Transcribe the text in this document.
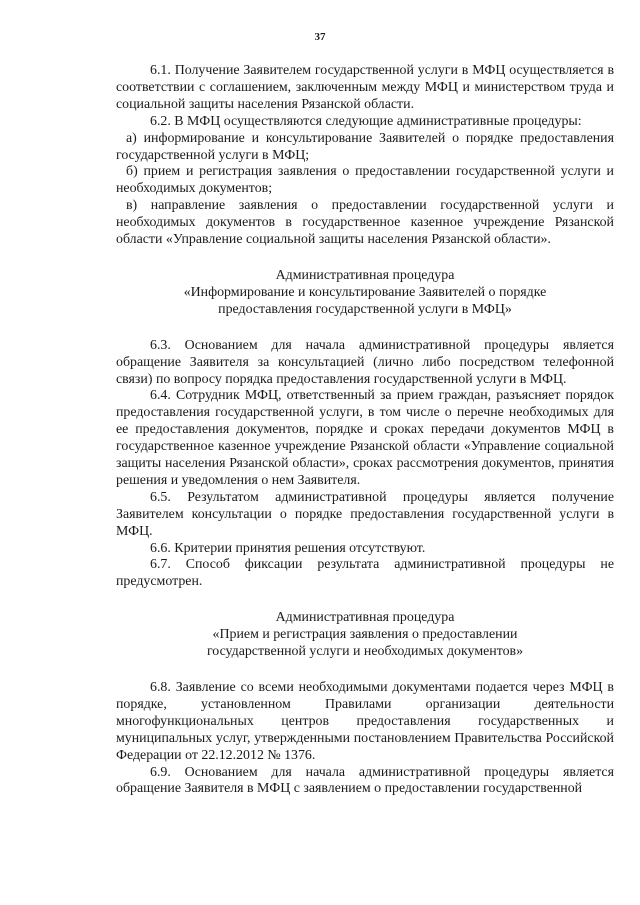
37

6.1. Получение Заявителем государственной услуги в МФЦ осуществляется в соответствии с соглашением, заключенным между МФЦ и министерством труда и социальной защиты населения Рязанской области.

6.2. В МФЦ осуществляются следующие административные процедуры:

а) информирование и консультирование Заявителей о порядке предоставления государственной услуги в МФЦ;

б) прием и регистрация заявления о предоставлении государственной услуги и необходимых документов;

в) направление заявления о предоставлении государственной услуги и необходимых документов в государственное казенное учреждение Рязанской области «Управление социальной защиты населения Рязанской области».

Административная процедура

«Информирование и консультирование Заявителей о порядке

предоставления государственной услуги в МФЦ»

6.3. Основанием для начала административной процедуры является обращение Заявителя за консультацией (лично либо посредством телефонной связи) по вопросу порядка предоставления государственной услуги в МФЦ.

6.4. Сотрудник МФЦ, ответственный за прием граждан, разъясняет порядок предоставления государственной услуги, в том числе о перечне необходимых для ее предоставления документов, порядке и сроках передачи документов МФЦ в государственное казенное учреждение Рязанской области «Управление социальной защиты населения Рязанской области», сроках рассмотрения документов, принятия решения и уведомления о нем Заявителя.

6.5. Результатом административной процедуры является получение Заявителем консультации о порядке предоставления государственной услуги в МФЦ.

6.6. Критерии принятия решения отсутствуют.

6.7. Способ фиксации результата административной процедуры не предусмотрен.

Административная процедура

«Прием и регистрация заявления о предоставлении

государственной услуги и необходимых документов»

6.8. Заявление со всеми необходимыми документами подается через МФЦ в порядке, установленном Правилами организации деятельности многофункциональных центров предоставления государственных и муниципальных услуг, утвержденными постановлением Правительства Российской Федерации от 22.12.2012 № 1376.

6.9. Основанием для начала административной процедуры является обращение Заявителя в МФЦ с заявлением о предоставлении государственной
